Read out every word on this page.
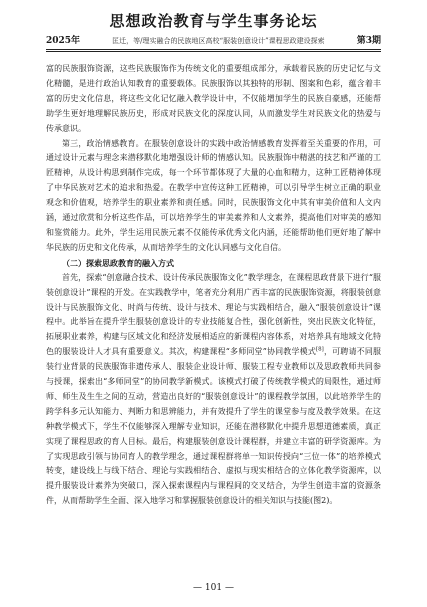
思想政治教育与学生事务论坛
2025年	匡迁，等/理实融合的民族地区高校“服装创意设计”课程思政建设探索	第3期

富的民族服饰资源，这些民族服饰作为传统文化的重要组成部分，承载着民族的历史记忆与文化精髓，是进行政治认知教育的重要载体。民族服饰以其独特的形制、图案和色彩，蕴含着丰富的历史文化信息，将这些文化记忆融入教学设计中，不仅能增加学生的民族自豪感，还能帮助学生更好地理解民族历史，形成对民族文化的深度认同，从而激发学生对民族文化的热爱与传承意识。

第三，政治情感教育。在服装创意设计的实践中政治情感教育发挥着至关重要的作用，可通过设计元素与理念来潜移默化地增强设计师的情感认知。民族服饰中精湛的技艺和严谨的工匠精神，从设计构思到制作完成，每一个环节都体现了大量的心血和精力，这种工匠精神体现了中华民族对艺术的追求和热爱。在教学中宣传这种工匠精神，可以引导学生树立正确的职业观念和价值观，培养学生的职业素养和责任感。同时，民族服饰文化中其有审美价值和人文内涵，通过欣赏和分析这些作品，可以培养学生的审美素养和人文素养，提高他们对审美的感知和鉴赏能力。此外，学生运用民族元素不仅能传承优秀文化内涵，还能帮助他们更好地了解中华民族的历史和文化传承，从而培养学生的文化认同感与文化自信。

（二）探索思政教育的融入方式

首先，探索“创意融合技术、设计传承民族服饰文化”教学理念，在课程思政背景下进行“服装创意设计”课程的开发。在实践教学中，笔者充分利用广西丰富的民族服饰资源，将服装创意设计与民族服饰文化、时尚与传统、设计与技术、理论与实践相结合，融入“服装创意设计”课程中。此举旨在提升学生服装创意设计的专业技能复合性，强化创新性，突出民族文化特征，拓展职业素养，构建与区域文化和经济发展相适应的新课程内容体系，对培养具有地域文化特色的服装设计人才具有重要意义。其次，构建课程“多师同堂”协同教学模式[8]，可聘请不同服装行业背景的民族服饰非遗传承人、服装企业设计师、服装工程专业教师以及思政教师共同参与授课，探索出“多师同堂”的协同教学新模式。该模式打破了传统教学模式的局限性，通过师师、师生及生生之间的互动，营造出良好的“服装创意设计”的课程教学氛围，以此培养学生的跨学科多元认知能力、判断力和思辨能力，并有效提升了学生的课堂参与度及教学效果。在这种教学模式下，学生不仅能够深入理解专业知识，还能在潜移默化中提升思想道德素质，真正实现了课程思政的育人目标。最后，构建服装创意设计课程群，并建立丰富的研学资源库。为了实现思政引领与协同育人的教学理念，通过课程群将单一知识传授向“三位一体”的培养模式转变，建设线上与线下结合、理论与实践相结合、虚拟与现实相结合的立体化教学资源库，以提升服装设计素养为突破口，深入探索课程内与课程间的交叉结合，为学生创造丰富的资源条件，从而帮助学生全面、深入地学习和掌握服装创意设计的相关知识与技能(图2)。

— 101 —
